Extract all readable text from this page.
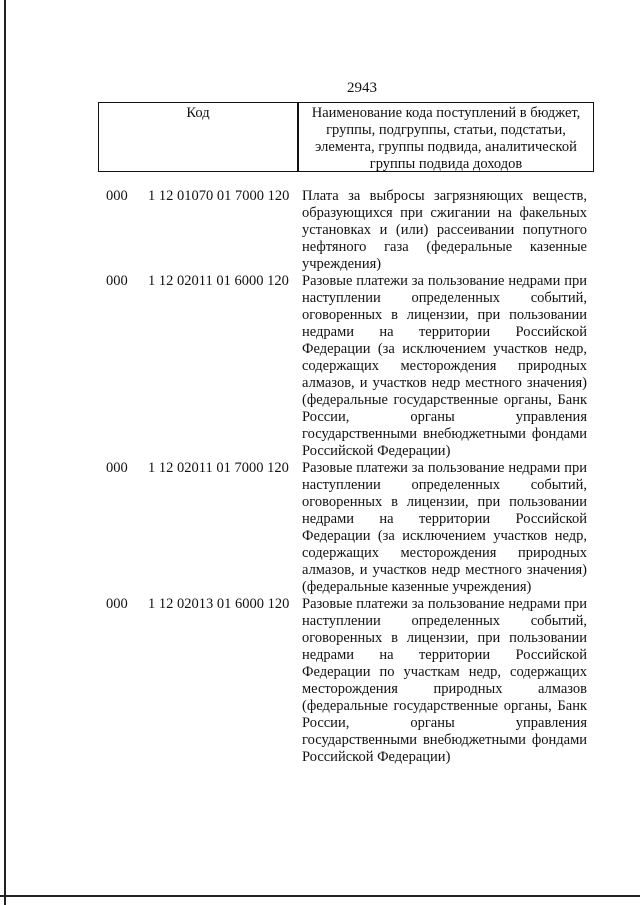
2943
Код	Наименование кода поступлений в бюджет,
группы, подгруппы, статьи, подстатьи,
элемента, группы подвида, аналитической
группы подвида доходов
000 1 12 01070 01 7000 120 Плата за выбросы загрязняющих веществ,
образующихся при сжигании на факельных
установках и (или) рассеивании попутного
нефтяного газа (федеральные казенные
учреждения)
000 1 12 02011 01 6000 120 Разовые платежи за пользование недрами при
наступлении определенных событий,
оговоренных в лицензии, при пользовании
недрами на территории Российской
Федерации (за исключением участков недр,
содержащих месторождения природных
алмазов, и участков недр местного значения)
(федеральные государственные органы, Банк
России, органы управления
государственными внебюджетными фондами
Российской Федерации)
000 1 12 02011 01 7000 120 Разовые платежи за пользование недрами при
наступлении определенных событий,
оговоренных в лицензии, при пользовании
недрами на территории Российской
Федерации (за исключением участков недр,
содержащих месторождения природных
алмазов, и участков недр местного значения)
(федеральные казенные учреждения)
000 1 12 02013 01 6000 120 Разовые платежи за пользование недрами при
наступлении определенных событий,
оговоренных в лицензии, при пользовании
недрами на территории Российской
Федерации по участкам недр, содержащих
месторождения природных алмазов
(федеральные государственные органы, Банк
России, органы управления
государственными внебюджетными фондами
Российской Федерации)
